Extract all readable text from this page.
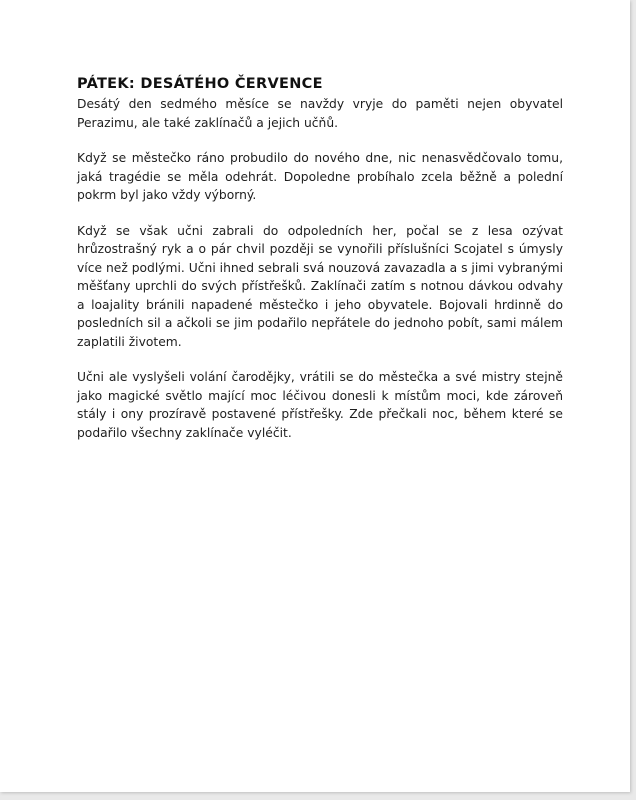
PÁTEK: DESÁTÉHO ČERVENCE

Desátý den sedmého měsíce se navždy vryje do paměti nejen obyvatel Perazimu, ale také zaklínačů a jejich učňů.

Když se městečko ráno probudilo do nového dne, nic nenasvědčovalo tomu, jaká tragédie se měla odehrát. Dopoledne probíhalo zcela běžně a polední pokrm byl jako vždy výborný.

Když se však učni zabrali do odpoledních her, počal se z lesa ozývat hrůzostrašný ryk a o pár chvil později se vynořili příslušníci Scojatel s úmysly více než podlými. Učni ihned sebrali svá nouzová zavazadla a s jimi vybranými měšťany uprchli do svých přístřešků. Zaklínači zatím s notnou dávkou odvahy a loajality bránili napadené městečko i jeho obyvatele. Bojovali hrdinně do posledních sil a ačkoli se jim podařilo nepřátele do jednoho pobít, sami málem zaplatili životem.

Učni ale vyslyšeli volání čarodějky, vrátili se do městečka a své mistry stejně jako magické světlo mající moc léčivou donesli k místům moci, kde zároveň stály i ony prozíravě postavené přístřešky. Zde přečkali noc, během které se podařilo všechny zaklínače vyléčit.
